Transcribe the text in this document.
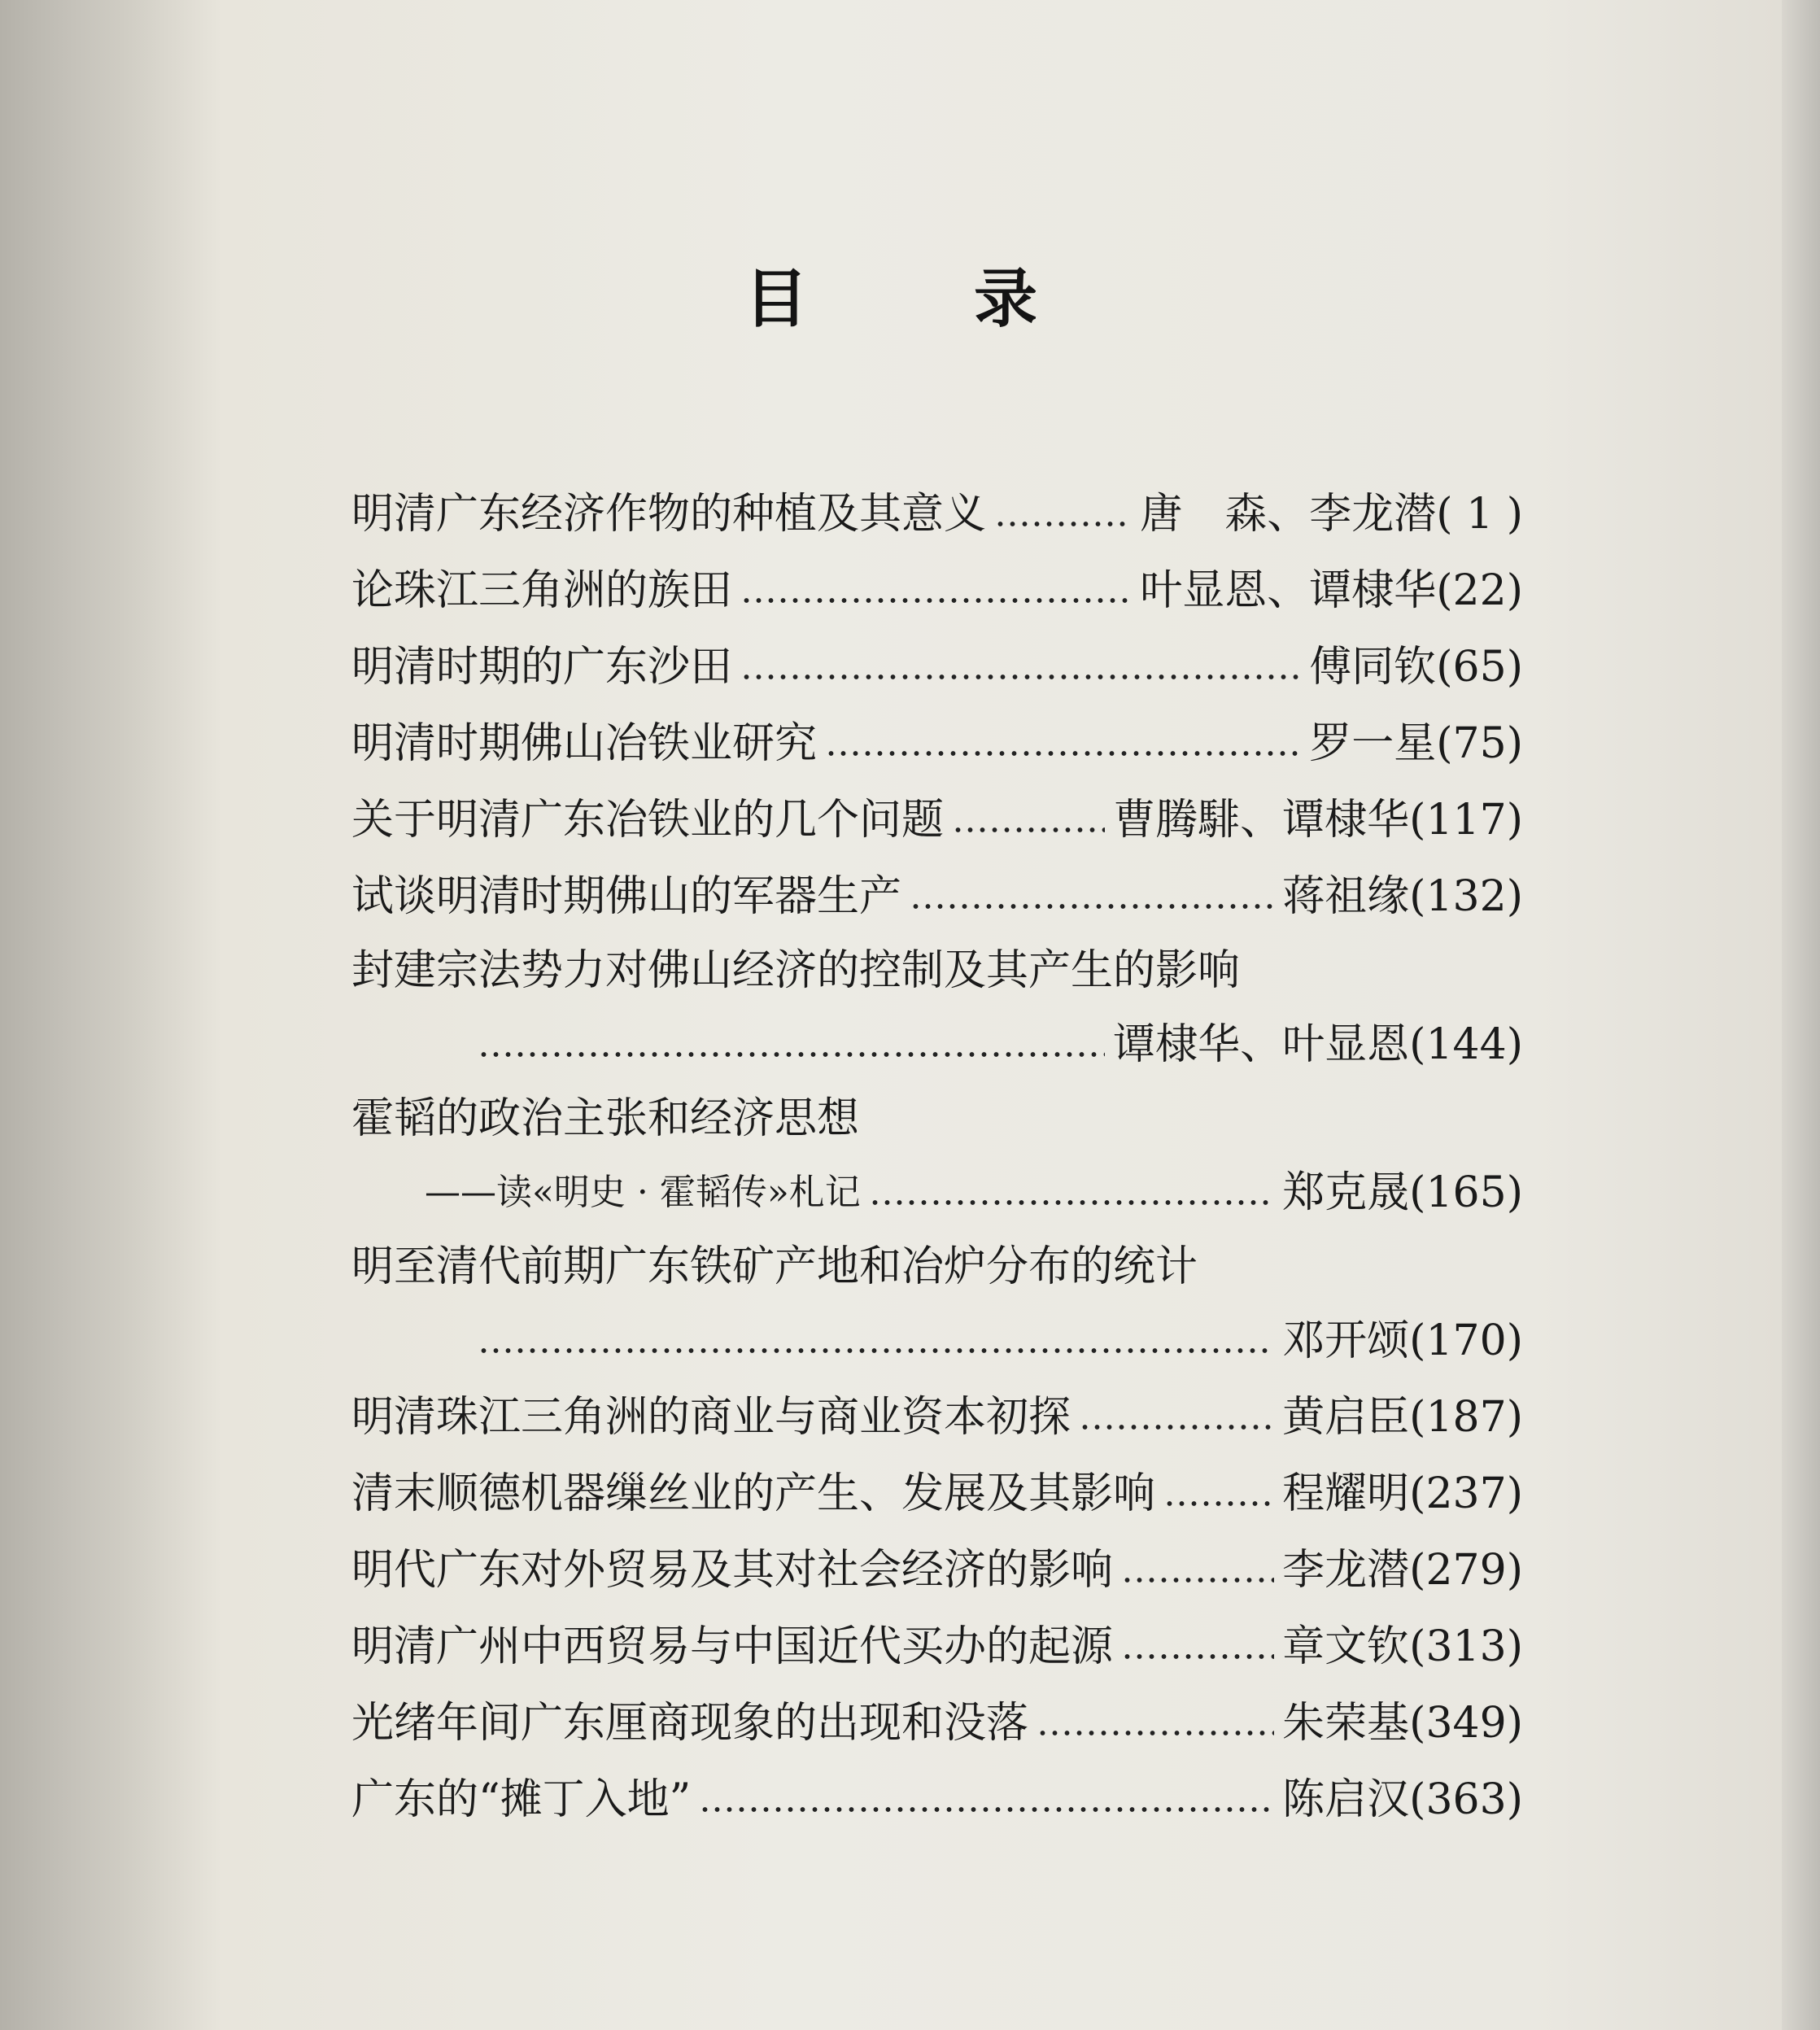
目	录
明清广东经济作物的种植及其意义	唐　森、李龙潜 ( 1 )
论珠江三角洲的族田	叶显恩、谭棣华 (22)
明清时期的广东沙田	傅同钦 (65)
明清时期佛山冶铁业研究	罗一星 (75)
关于明清广东冶铁业的几个问题	曹腾騑、谭棣华 (117)
试谈明清时期佛山的军器生产	蒋祖缘 (132)
封建宗法势力对佛山经济的控制及其产生的影响
谭棣华、叶显恩 (144)
霍韬的政治主张和经济思想
——读«明史 · 霍韬传»札记	郑克晟 (165)
明至清代前期广东铁矿产地和冶炉分布的统计
邓开颂 (170)
明清珠江三角洲的商业与商业资本初探	黄启臣 (187)
清末顺德机器缫丝业的产生、发展及其影响	程耀明 (237)
明代广东对外贸易及其对社会经济的影响	李龙潜 (279)
明清广州中西贸易与中国近代买办的起源	章文钦 (313)
光绪年间广东厘商现象的出现和没落	朱荣基 (349)
广东的“摊丁入地”	陈启汉 (363)
